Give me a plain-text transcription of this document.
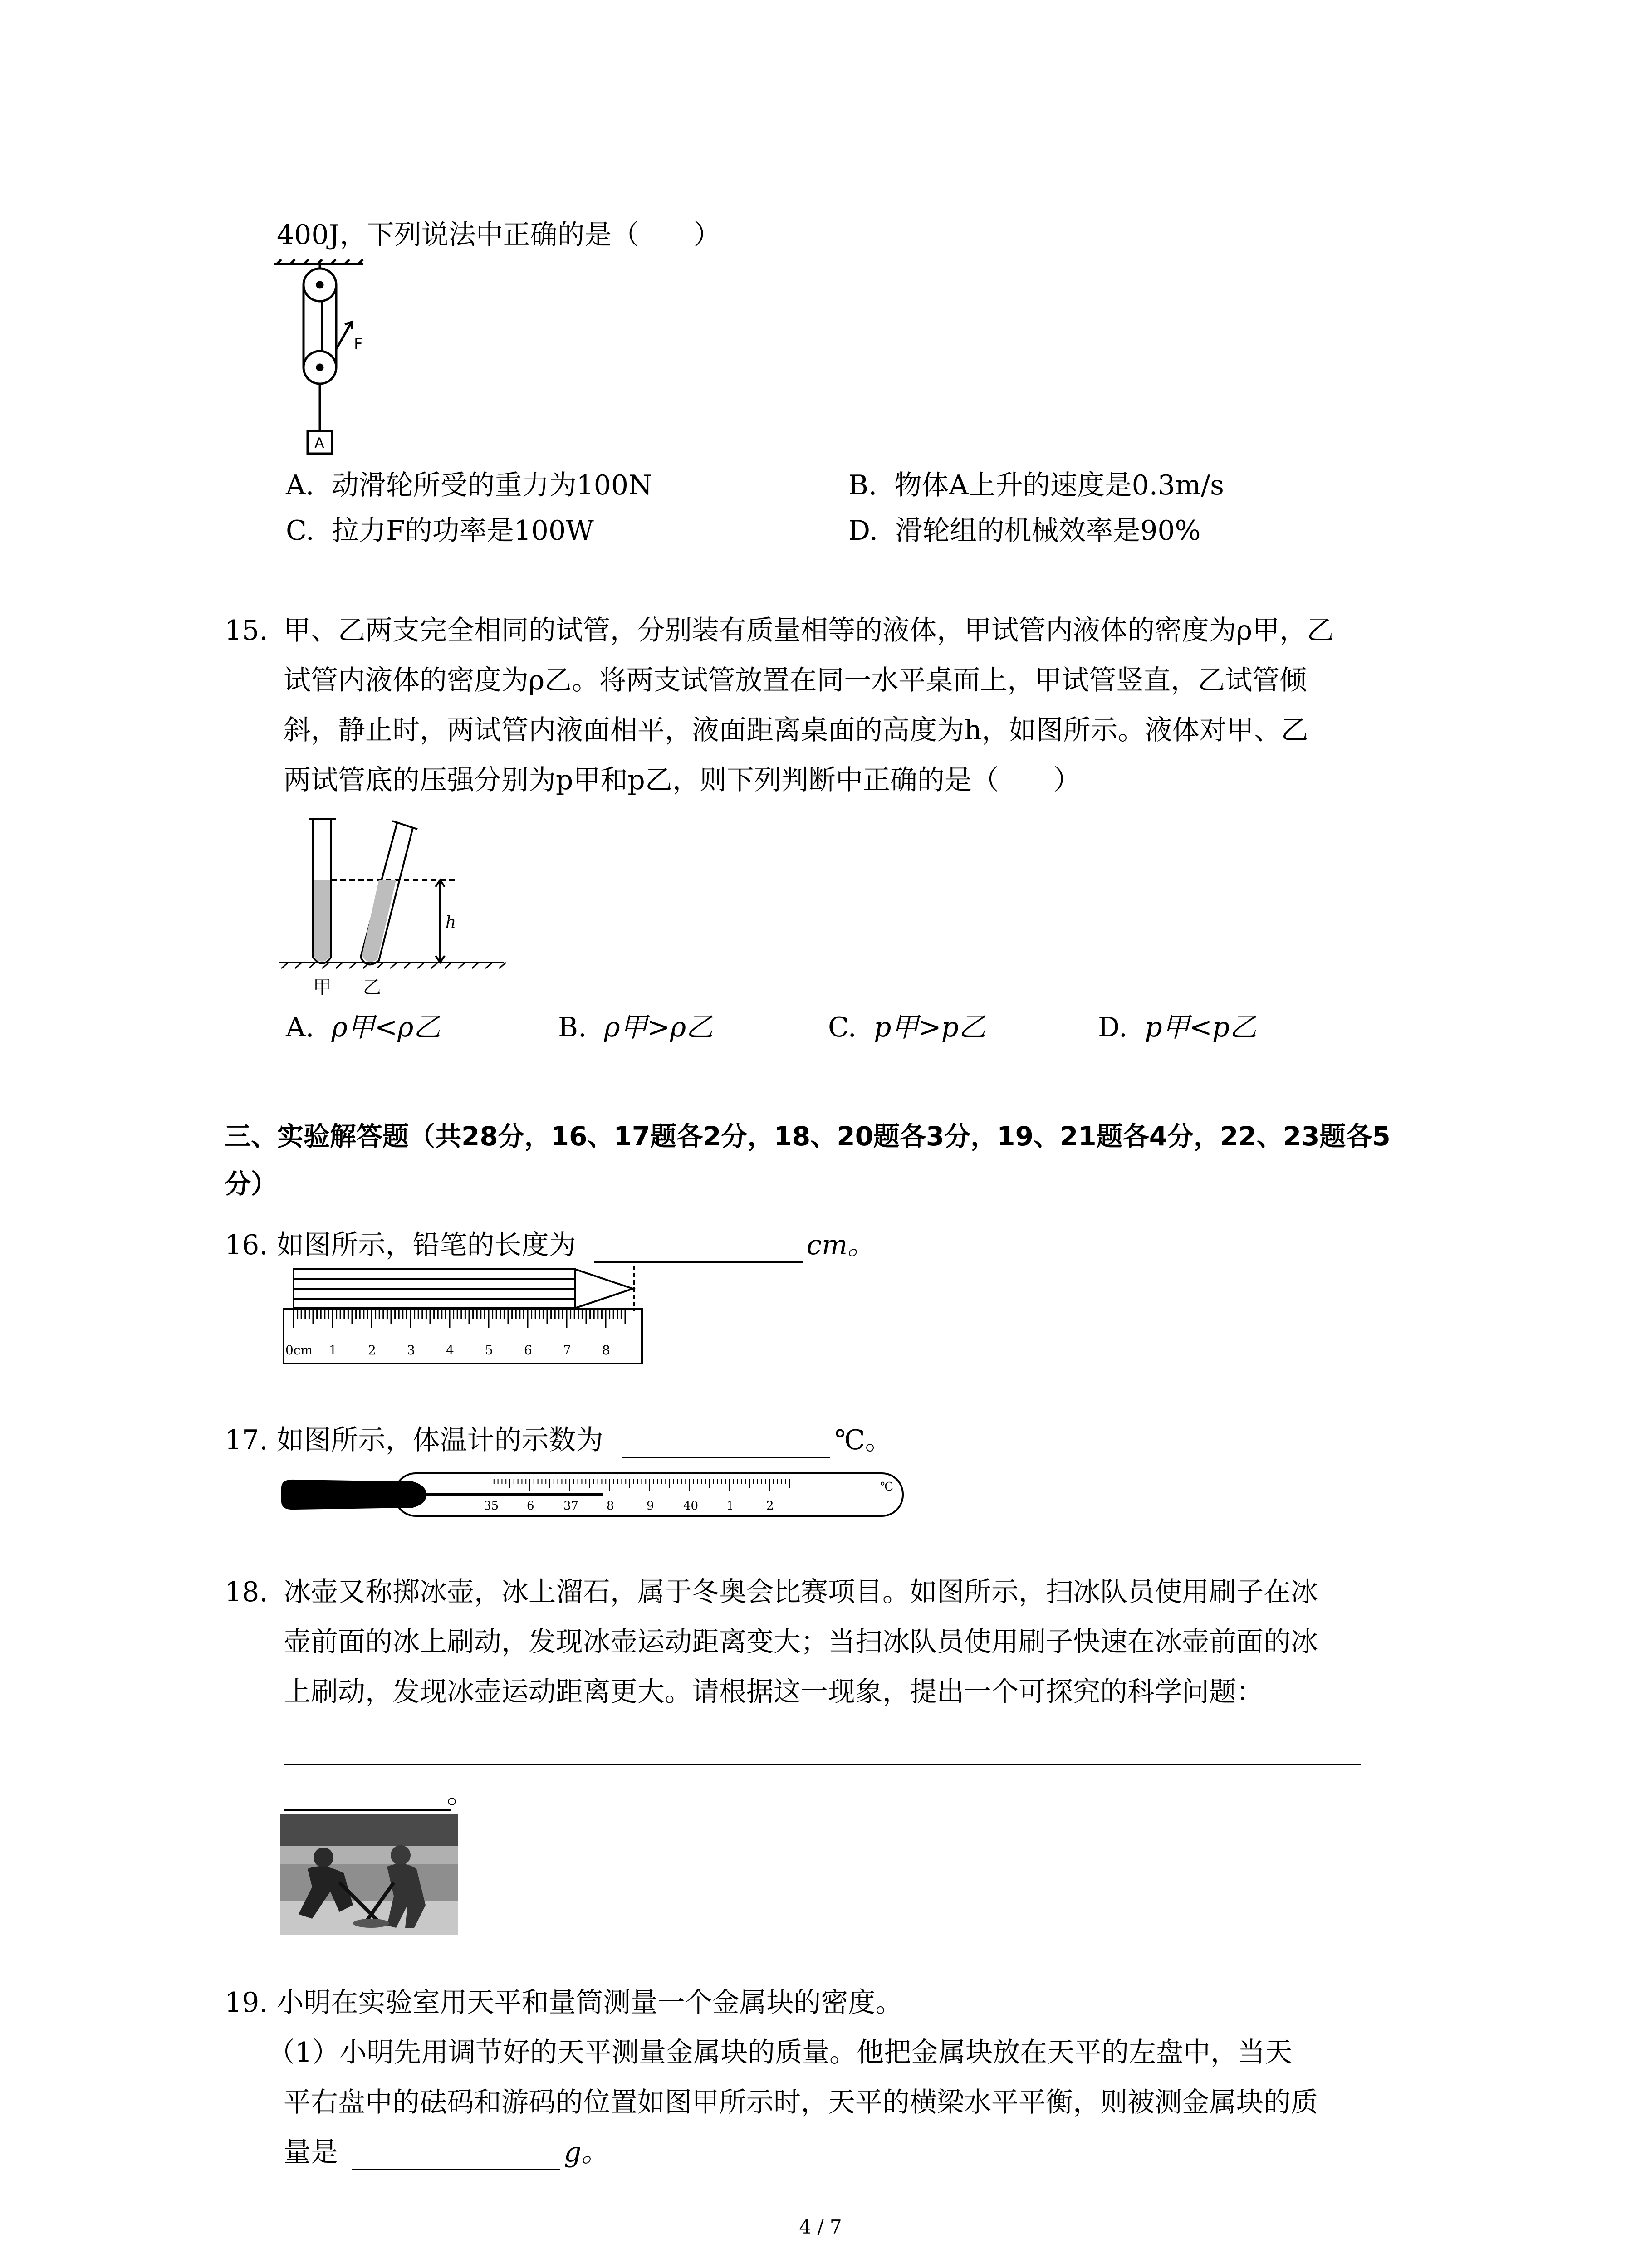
400J，下列说法中正确的是（　　）
F
A
A. 动滑轮所受的重力为100N	B. 物体A上升的速度是0.3m/s
C. 拉力F的功率是100W	D. 滑轮组的机械效率是90%
15. 甲、乙两支完全相同的试管，分别装有质量相等的液体，甲试管内液体的密度为ρ甲，乙
试管内液体的密度为ρ乙。将两支试管放置在同一水平桌面上，甲试管竖直，乙试管倾
斜，静止时，两试管内液面相平，液面距离桌面的高度为h，如图所示。液体对甲、乙
两试管底的压强分别为p甲和p乙，则下列判断中正确的是（　　）
h
甲 乙
A. ρ甲<ρ乙	B. ρ甲>ρ乙	C. p甲>p乙	D. p甲<p乙
三、实验解答题（共28分，16、17题各2分，18、20题各3分，19、21题各4分，22、23题各5
分）
16. 如图所示，铅笔的长度为	cm。
0cm 1 2 3 4 5 6 7 8
17. 如图所示，体温计的示数为	℃。
35 6 37 8	9 40 1	2
℃
18. 冰壶又称掷冰壶，冰上溜石，属于冬奥会比赛项目。如图所示，扫冰队员使用刷子在冰
壶前面的冰上刷动，发现冰壶运动距离变大；当扫冰队员使用刷子快速在冰壶前面的冰
上刷动，发现冰壶运动距离更大。请根据这一现象，提出一个可探究的科学问题：
。
19. 小明在实验室用天平和量筒测量一个金属块的密度。
（1）小明先用调节好的天平测量金属块的质量。他把金属块放在天平的左盘中，当天
平右盘中的砝码和游码的位置如图甲所示时，天平的横梁水平平衡，则被测金属块的质
量是	g。
4 / 7
